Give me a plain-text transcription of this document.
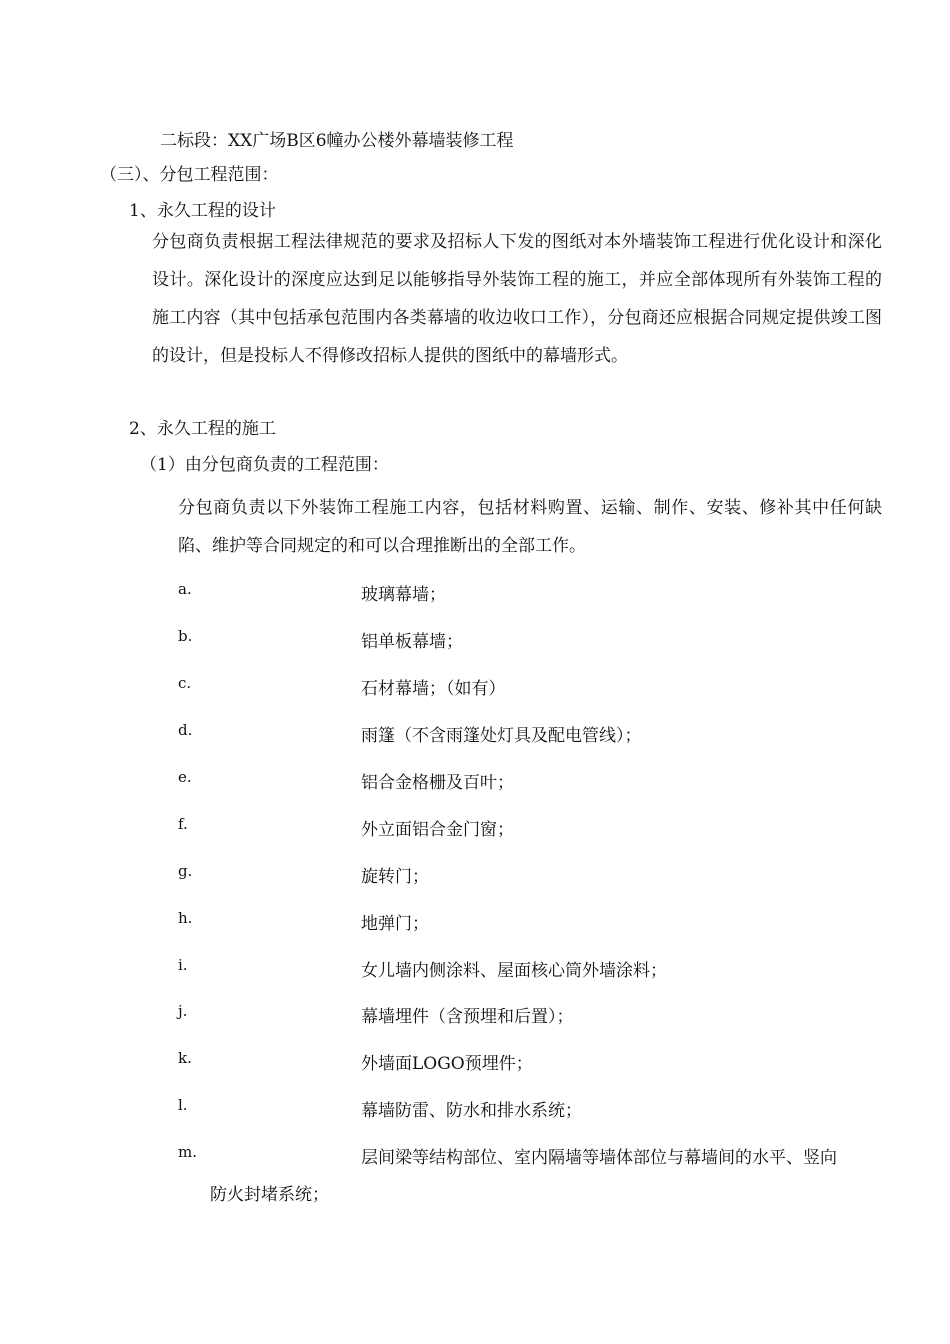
二标段：XX广场B区6幢办公楼外幕墙装修工程
（三）、分包工程范围：
1、永久工程的设计
分包商负责根据工程法律规范的要求及招标人下发的图纸对本外墙装饰工程进行优化设计和深化设计。深化设计的深度应达到足以能够指导外装饰工程的施工，并应全部体现所有外装饰工程的施工内容（其中包括承包范围内各类幕墙的收边收口工作），分包商还应根据合同规定提供竣工图的设计，但是投标人不得修改招标人提供的图纸中的幕墙形式。
2、永久工程的施工
（1）由分包商负责的工程范围：
分包商负责以下外装饰工程施工内容，包括材料购置、运输、制作、安装、修补其中任何缺陷、维护等合同规定的和可以合理推断出的全部工作。
a.	玻璃幕墙；
b.	铝单板幕墙；
c.	石材幕墙；（如有）
d.	雨篷（不含雨篷处灯具及配电管线）；
e.	铝合金格栅及百叶；
f.	外立面铝合金门窗；
g.	旋转门；
h.	地弹门；
i.	女儿墙内侧涂料、屋面核心筒外墙涂料；
j.	幕墙埋件（含预埋和后置）；
k.	外墙面LOGO预埋件；
l.	幕墙防雷、防水和排水系统；
m.	层间梁等结构部位、室内隔墙等墙体部位与幕墙间的水平、竖向
防火封堵系统；
